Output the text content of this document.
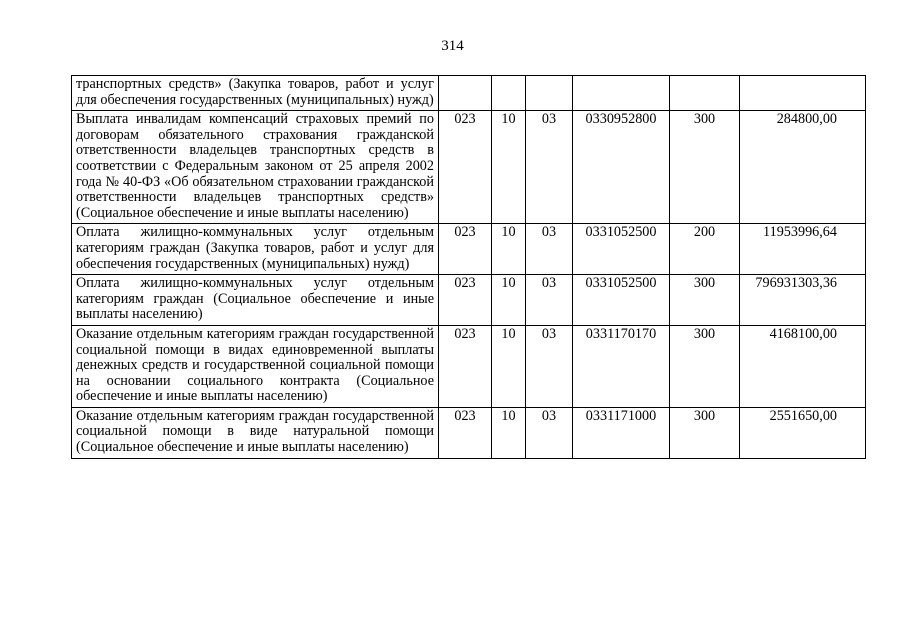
314
транспортных средств» (Закупка товаров, работ и услуг для обеспечения государственных (муниципальных) нужд)						

Выплата инвалидам компенсаций страховых премий по договорам обязательного страхования гражданской ответственности владельцев транспортных средств в соответствии с Федеральным законом от 25 апреля 2002 года № 40-ФЗ «Об обязательном страховании гражданской ответственности владельцев транспортных средств» (Социальное обеспечение и иные выплаты населению)	023	10	03	0330952800	300	284800,00

Оплата жилищно-коммунальных услуг отдельным категориям граждан (Закупка товаров, работ и услуг для обеспечения государственных (муниципальных) нужд)	023	10	03	0331052500	200	11953996,64

Оплата жилищно-коммунальных услуг отдельным категориям граждан (Социальное обеспечение и иные выплаты населению)	023	10	03	0331052500	300	796931303,36

Оказание отдельным категориям граждан государственной социальной помощи в видах единовременной выплаты денежных средств и государственной социальной помощи на основании социального контракта (Социальное обеспечение и иные выплаты населению)	023	10	03	0331170170	300	4168100,00

Оказание отдельным категориям граждан государственной социальной помощи в виде натуральной помощи (Социальное обеспечение и иные выплаты населению)	023	10	03	0331171000	300	2551650,00
